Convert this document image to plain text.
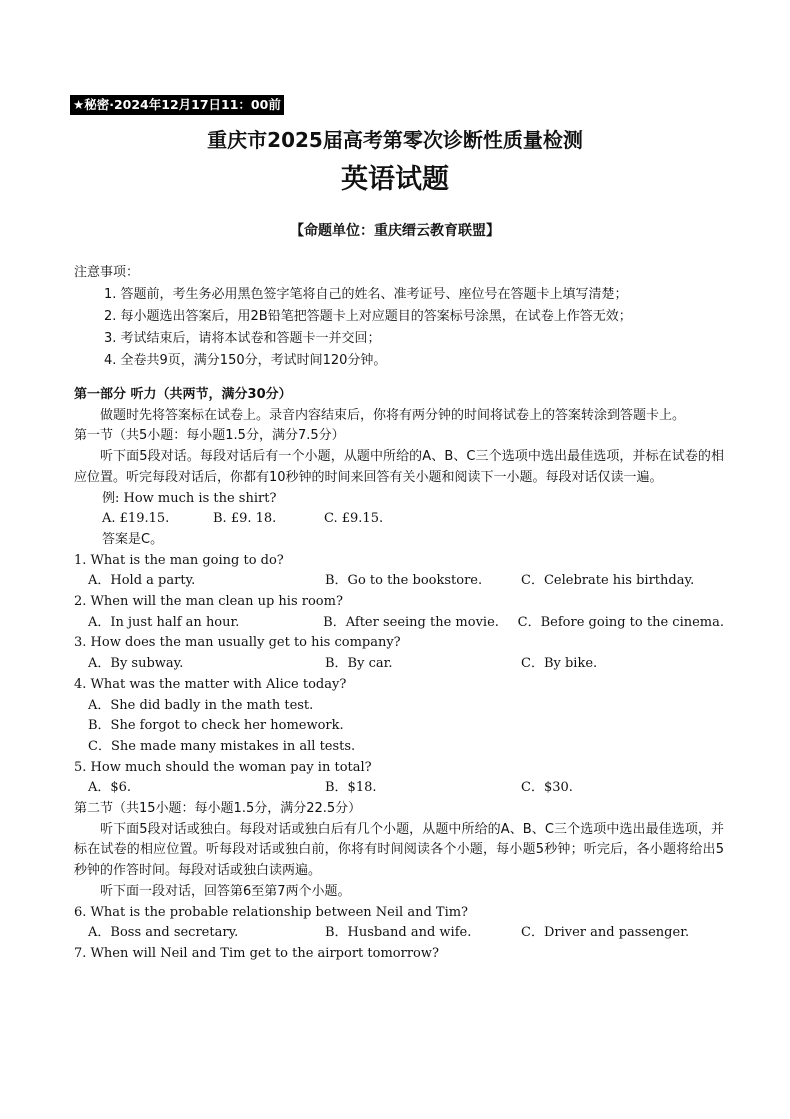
★秘密·2024年12月17日11：00前
重庆市2025届高考第零次诊断性质量检测
英语试题
【命题单位：重庆缙云教育联盟】
注意事项：
1. 答题前，考生务必用黑色签字笔将自己的姓名、准考证号、座位号在答题卡上填写清楚；
2. 每小题选出答案后，用2B铅笔把答题卡上对应题目的答案标号涂黑，在试卷上作答无效；
3. 考试结束后，请将本试卷和答题卡一并交回；
4. 全卷共9页，满分150分，考试时间120分钟。
第一部分 听力（共两节，满分30分）
做题时先将答案标在试卷上。录音内容结束后，你将有两分钟的时间将试卷上的答案转涂到答题卡上。
第一节（共5小题：每小题1.5分，满分7.5分）
听下面5段对话。每段对话后有一个小题，从题中所给的A、B、C三个选项中选出最佳选项，并标在试卷的相应位置。听完每段对话后，你都有10秒钟的时间来回答有关小题和阅读下一小题。每段对话仅读一遍。
例: How much is the shirt?
A. £19.15.	B. £9. 18.	C. £9.15.
答案是C。
1. What is the man going to do?
A．Hold a party.	B．Go to the bookstore.	C．Celebrate his birthday.
2. When will the man clean up his room?
A．In just half an hour.	B．After seeing the movie.	C．Before going to the cinema.
3. How does the man usually get to his company?
A．By subway.	B．By car.	C．By bike.
4. What was the matter with Alice today?
A．She did badly in the math test.
B．She forgot to check her homework.
C．She made many mistakes in all tests.
5. How much should the woman pay in total?
A．$6.	B．$18.	C．$30.
第二节（共15小题：每小题1.5分，满分22.5分）
听下面5段对话或独白。每段对话或独白后有几个小题，从题中所给的A、B、C三个选项中选出最佳选项，并标在试卷的相应位置。听每段对话或独白前，你将有时间阅读各个小题，每小题5秒钟；听完后，各小题将给出5秒钟的作答时间。每段对话或独白读两遍。
听下面一段对话，回答第6至第7两个小题。
6. What is the probable relationship between Neil and Tim?
A．Boss and secretary.	B．Husband and wife.	C．Driver and passenger.
7. When will Neil and Tim get to the airport tomorrow?
